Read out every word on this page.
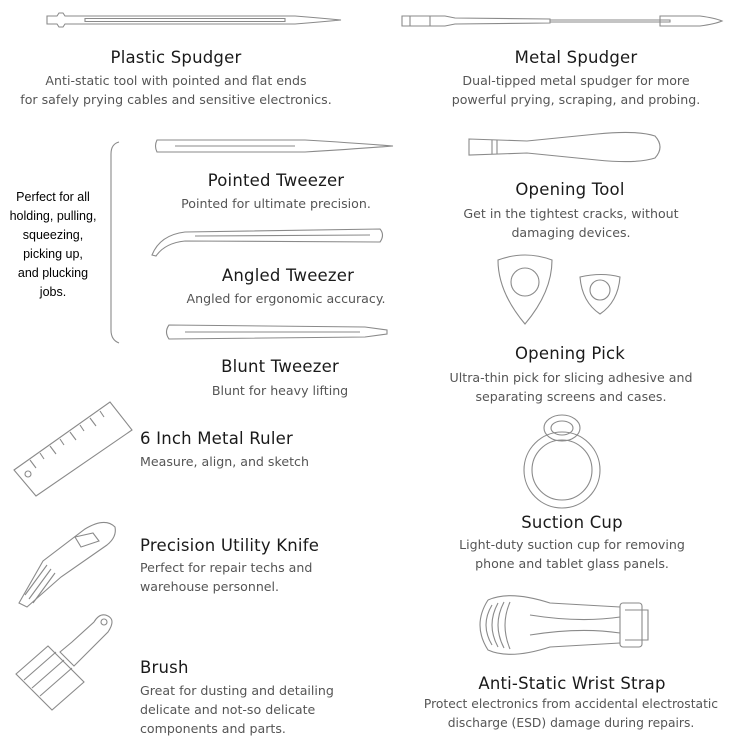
Plastic Spudger
Anti-static tool with pointed and flat ends
for safely prying cables and sensitive electronics.
Metal Spudger
Dual-tipped metal spudger for more
powerful prying, scraping, and probing.
Perfect for all
holding, pulling,
squeezing,
picking up,
and plucking
jobs.
Pointed Tweezer
Pointed for ultimate precision.
Opening Tool
Get in the tightest cracks, without
damaging devices.
Angled Tweezer
Angled for ergonomic accuracy.
Opening Pick
Ultra-thin pick for slicing adhesive and
separating screens and cases.
Blunt Tweezer
Blunt for heavy lifting
6 Inch Metal Ruler
Measure, align, and sketch
Suction Cup
Light-duty suction cup for removing
phone and tablet glass panels.
Precision Utility Knife
Perfect for repair techs and
warehouse personnel.
Brush
Great for dusting and detailing
delicate and not-so delicate
components and parts.
Anti-Static Wrist Strap
Protect electronics from accidental electrostatic
discharge (ESD) damage during repairs.
